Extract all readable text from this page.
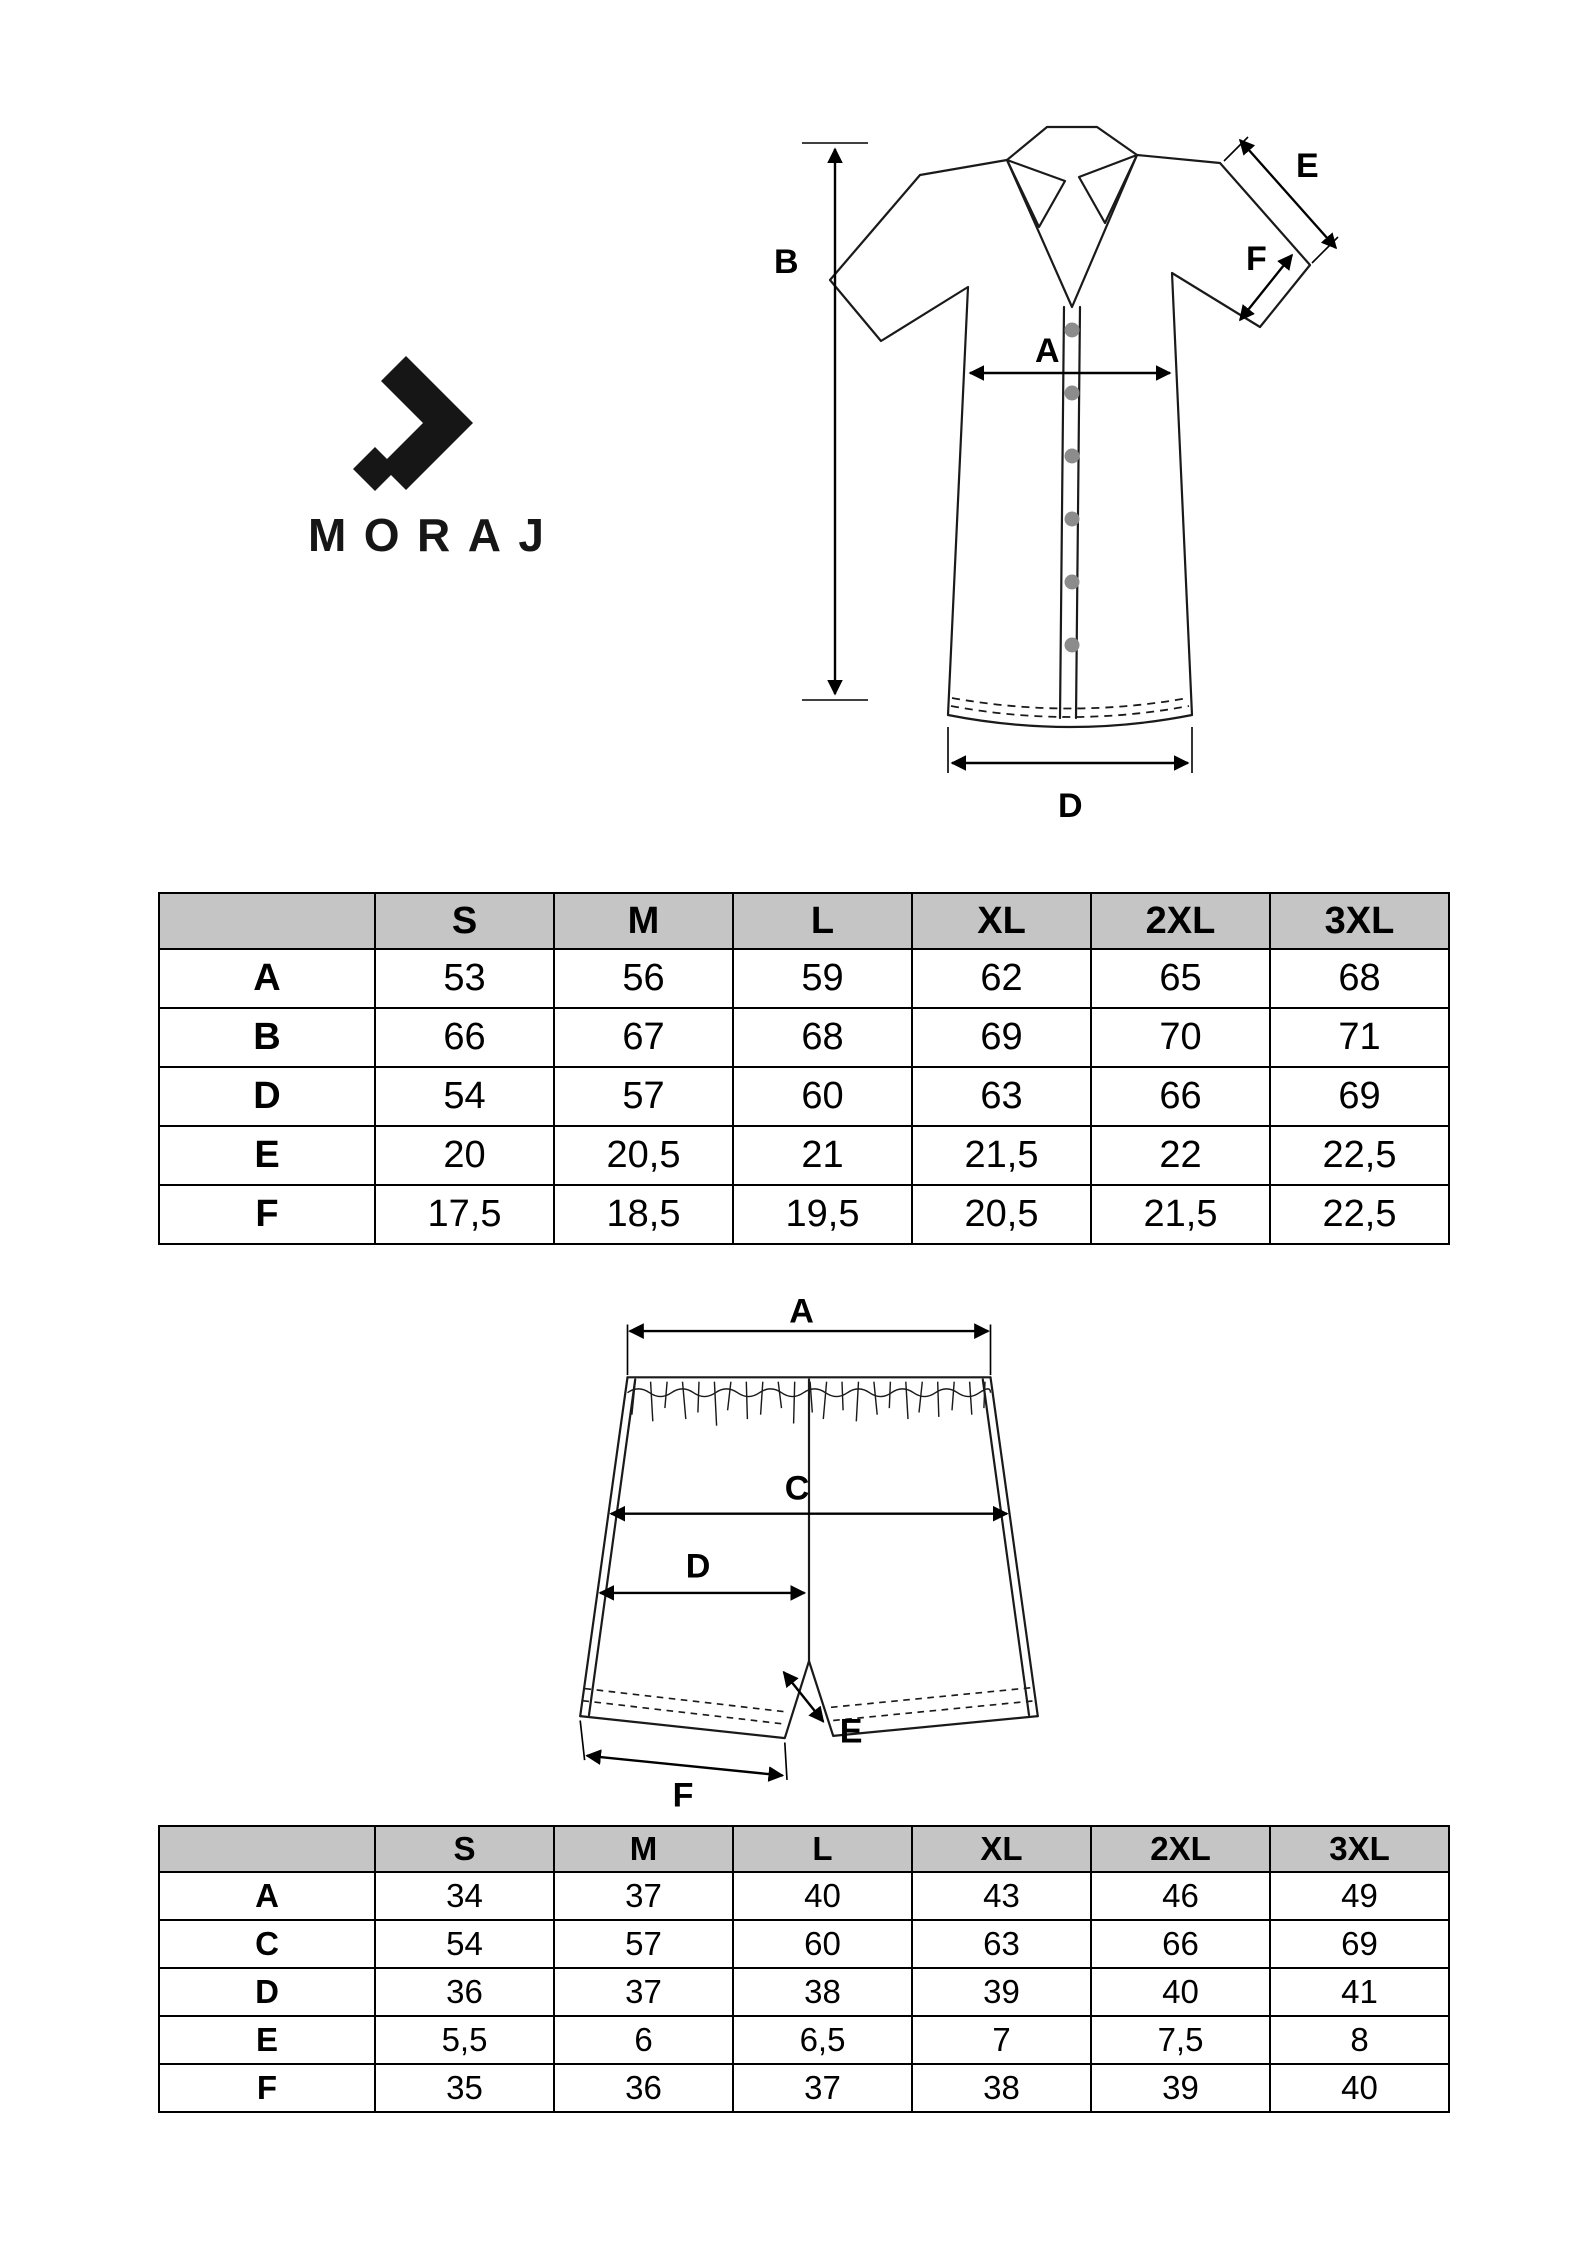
MORAJ
B
A
E
F
D
	S	M	L	XL	2XL	3XL
A	53	56	59	62	65	68
B	66	67	68	69	70	71
D	54	57	60	63	66	69
E	20	20,5	21	21,5	22	22,5
F	17,5	18,5	19,5	20,5	21,5	22,5
A
C
D
E
F
	S	M	L	XL	2XL	3XL
A	34	37	40	43	46	49
C	54	57	60	63	66	69
D	36	37	38	39	40	41
E	5,5	6	6,5	7	7,5	8
F	35	36	37	38	39	40
